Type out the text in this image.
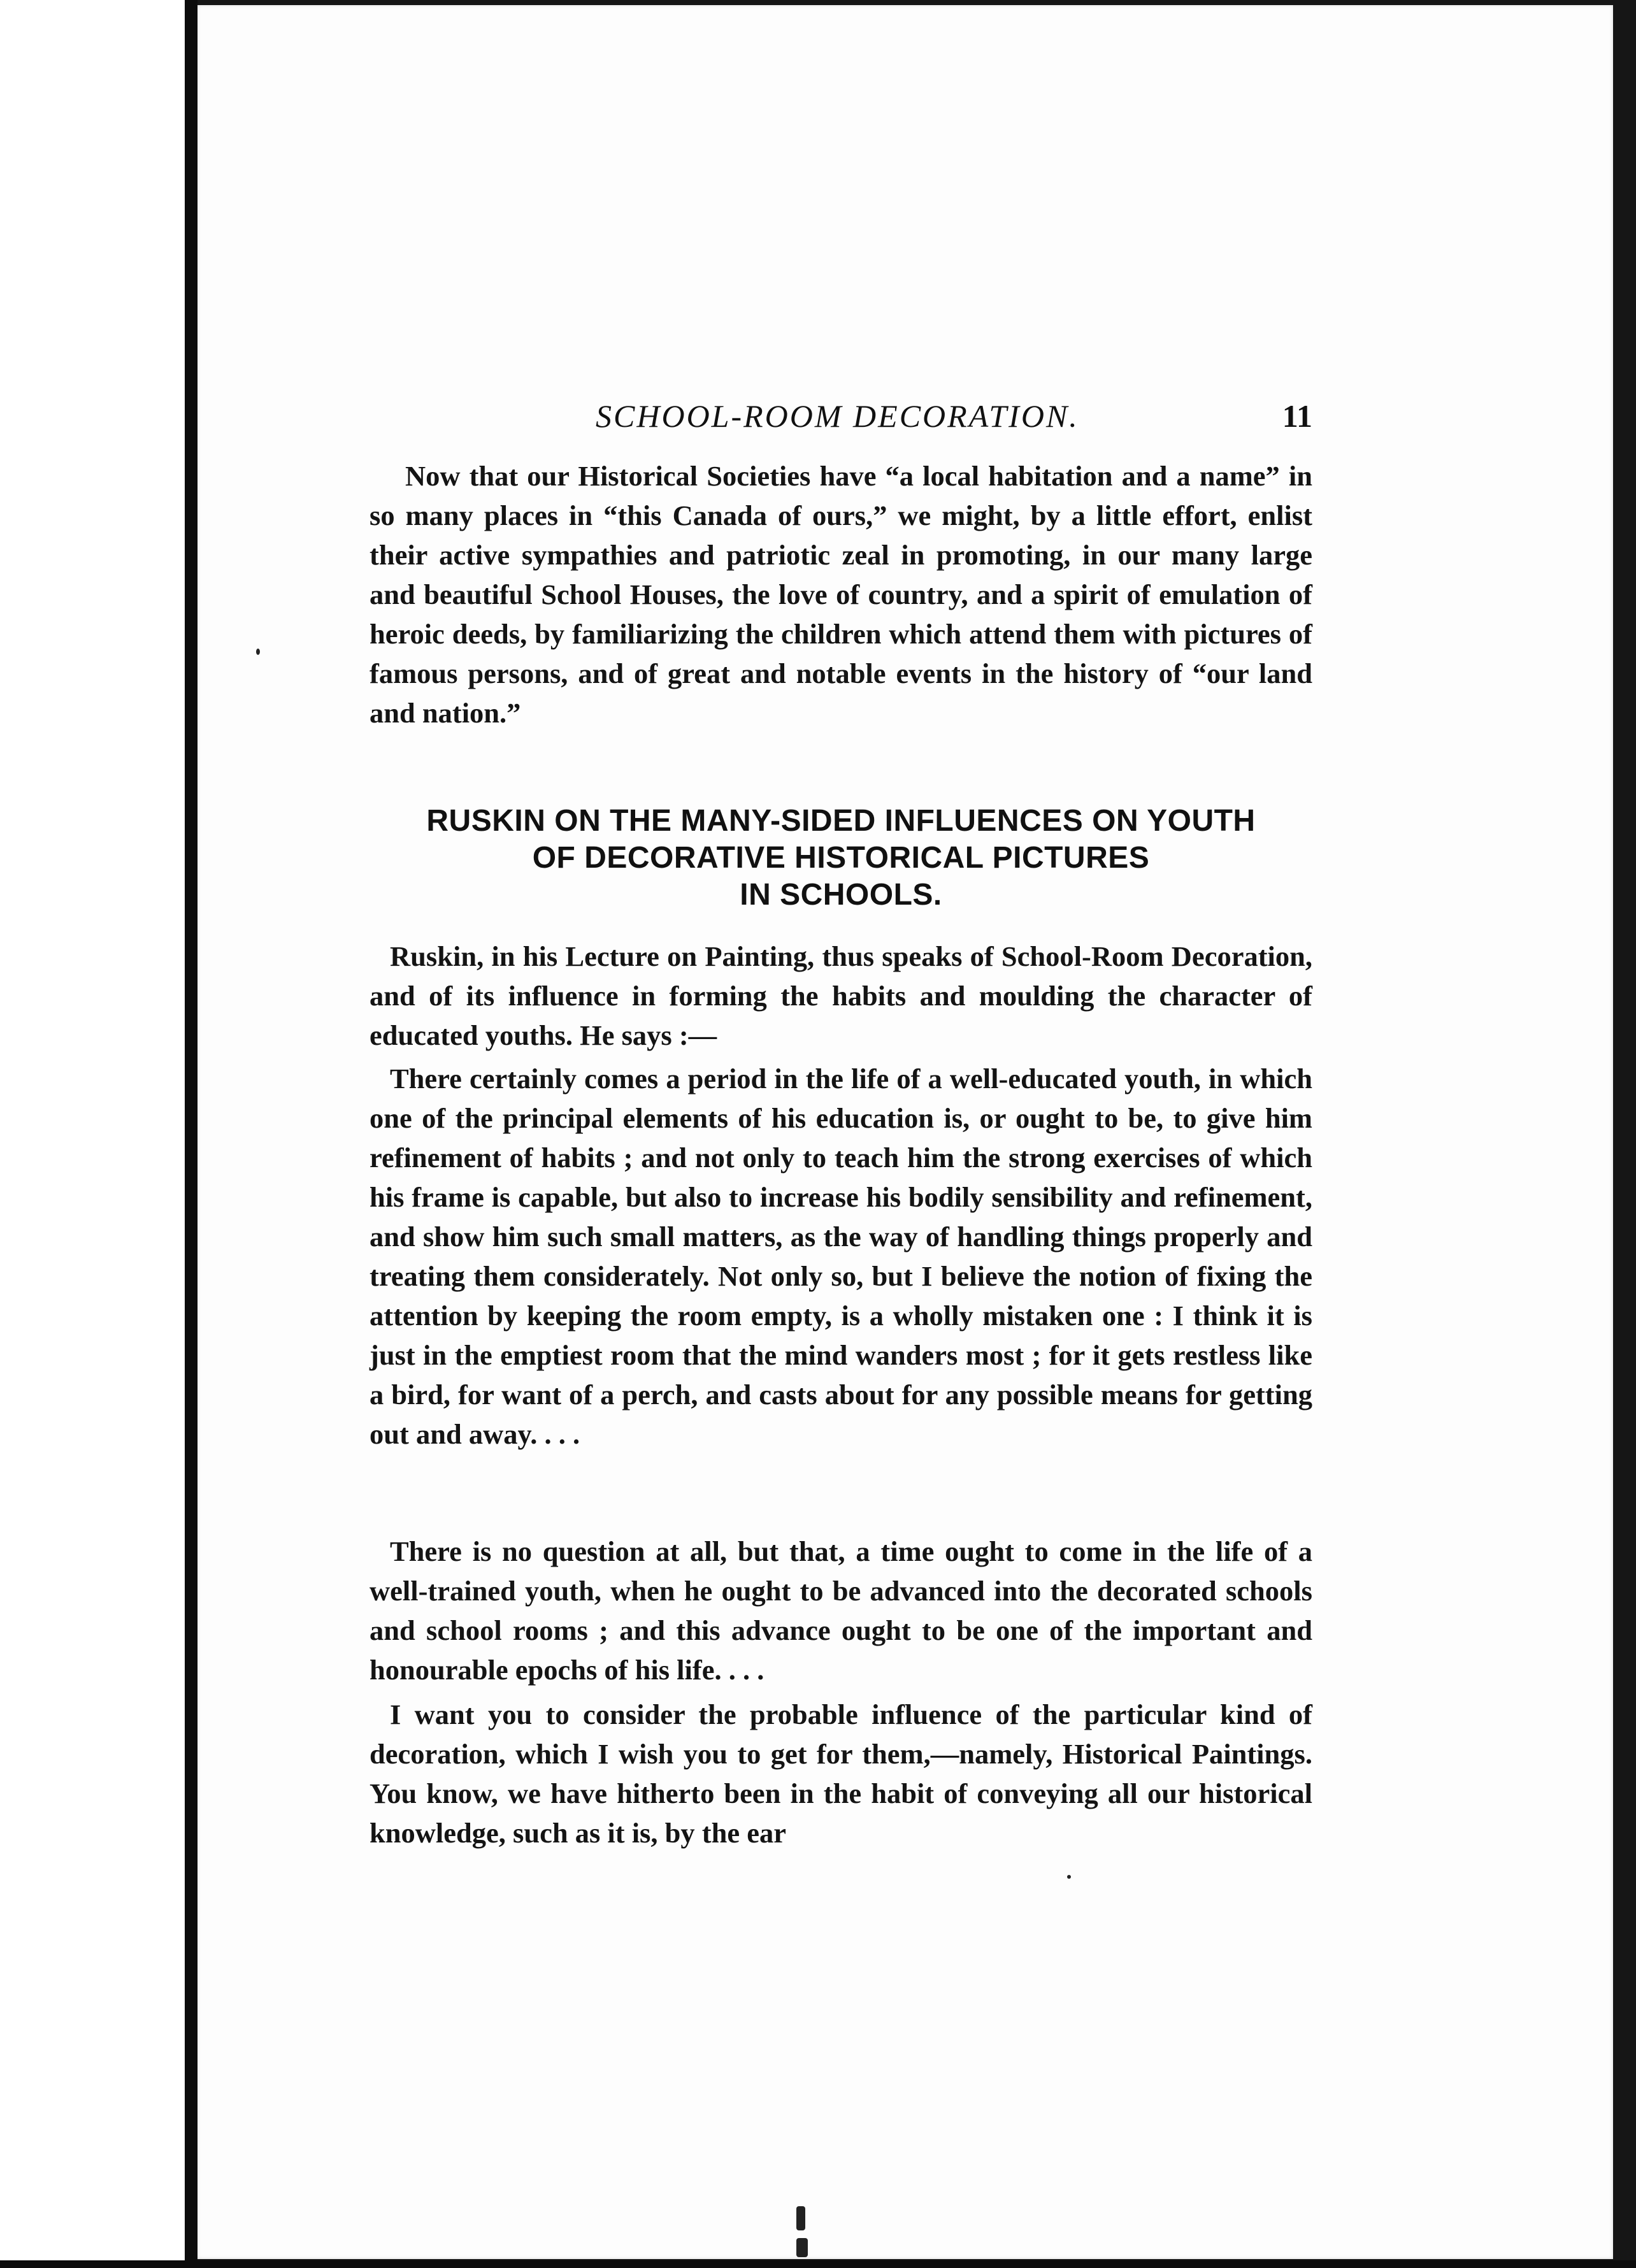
SCHOOL-ROOM DECORATION.	11

Now that our Historical Societies have “a local habitation and a name” in so many places in “this Canada of ours,” we might, by a little effort, enlist their active sympathies and patriotic zeal in promoting, in our many large and beautiful School Houses, the love of country, and a spirit of emulation of heroic deeds, by familiarizing the children which attend them with pictures of famous persons, and of great and notable events in the history of “our land and nation.”

RUSKIN ON THE MANY-SIDED INFLUENCES ON YOUTH
OF DECORATIVE HISTORICAL PICTURES
IN SCHOOLS.

Ruskin, in his Lecture on Painting, thus speaks of School-Room Decoration, and of its influence in forming the habits and moulding the character of educated youths. He says :—

There certainly comes a period in the life of a well-educated youth, in which one of the principal elements of his education is, or ought to be, to give him refinement of habits ; and not only to teach him the strong exercises of which his frame is capable, but also to increase his bodily sensibility and refinement, and show him such small matters, as the way of handling things properly and treating them considerately. Not only so, but I believe the notion of fixing the attention by keeping the room empty, is a wholly mistaken one : I think it is just in the emptiest room that the mind wanders most ; for it gets restless like a bird, for want of a perch, and casts about for any possible means for getting out and away. . . .

There is no question at all, but that, a time ought to come in the life of a well-trained youth, when he ought to be advanced into the decorated schools and school rooms ; and this advance ought to be one of the important and honourable epochs of his life. . . .

I want you to consider the probable influence of the particular kind of decoration, which I wish you to get for them,—namely, Historical Paintings. You know, we have hitherto been in the habit of conveying all our historical knowledge, such as it is, by the ear
